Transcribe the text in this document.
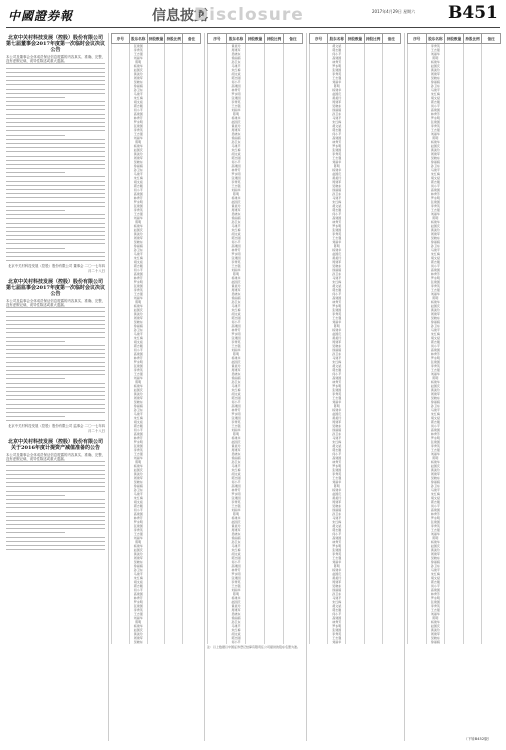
中國證券報	信息披露
Disclosure	2017年4月29日 星期六 B451
北京中关村科技发展（控股）股份有限公司 第七届董事会2017年度第一次临时会议决议公告

本公司及董事会全体成员保证信息披露的内容真实、准确、完整，没有虚假记载、误导性陈述或重大遗漏。

北京中关村科技发展（控股）股份有限公司 董事会 二〇一七年四月二十八日
北京中关村科技发展（控股）股份有限公司 第七届监事会2017年度第一次临时会议决议公告

本公司及监事会全体成员保证信息披露的内容真实、准确、完整，没有虚假记载、误导性陈述或重大遗漏。

北京中关村科技发展（控股）股份有限公司 监事会 二〇一七年四月二十八日
北京中关村科技发展（控股）股份有限公司 关于2016年度计提资产减值准备的公告

本公司及董事会全体成员保证信息披露的内容真实、准确、完整，没有虚假记载、误导性陈述或重大遗漏。

序号	股东名称	持股数量	持股比例	备注
	张建国			
	李秀英			
	王志强			
	刘丽华			
	陈明			
	杨建华			
	赵国庆			
	黄美玲			
	周建军			
	吴晓东			
	徐丽娟			
	孙卫东			
	马建平			
	朱红梅			
	胡文斌			
	郭志刚			
	何小平			
	高建国			
	林秀芳			
	罗永明			
	张建国			
	李秀英			
	王志强			
	刘丽华			
	陈明			
	杨建华			
	赵国庆			
	黄美玲			
	周建军			
	吴晓东			
	徐丽娟			
	孙卫东			
	马建平			
	朱红梅			
	胡文斌			
	郭志刚			
	何小平			
	高建国			
	林秀芳			
	罗永明			
	张建国			
	李秀英			
	王志强			
	刘丽华			
	陈明			
	杨建华			
	赵国庆			
	黄美玲			
	周建军			
	吴晓东			
	徐丽娟			
	孙卫东			
	马建平			
	朱红梅			
	胡文斌			
	郭志刚			
	何小平			
	高建国			
	林秀芳			
	罗永明			
	张建国			
	李秀英			
	王志强			
	刘丽华			
	陈明			
	杨建华			
	赵国庆			
	黄美玲			
	周建军			
	吴晓东			
	徐丽娟			
	孙卫东			
	马建平			
	朱红梅			
	胡文斌			
	郭志刚			
	何小平			
	高建国			
	林秀芳			
	罗永明			
	张建国			
	李秀英			
	王志强			
	刘丽华			
	陈明			
	杨建华			
	赵国庆			
	黄美玲			
	周建军			
	吴晓东			
	徐丽娟			
	孙卫东			
	马建平			
	朱红梅			
	胡文斌			
	郭志刚			
	何小平			
	高建国			
	林秀芳			
	罗永明			
	张建国			
	李秀英			
	王志强			
	刘丽华			
	陈明			
	杨建华			
	赵国庆			
	黄美玲			
	周建军			
	吴晓东			
	徐丽娟			
	孙卫东			
	马建平			
	朱红梅			
	胡文斌			
	郭志刚			
	何小平			
	高建国			
	林秀芳			
	罗永明			
	张建国			
	李秀英			
	王志强			
	刘丽华			
	陈明			
	杨建华			
	赵国庆			
	黄美玲			
	周建军			
	吴晓东			
	徐丽娟			
	孙卫东			
	马建平			
	朱红梅			
	胡文斌			
	郭志刚			
	何小平			
	高建国			
	林秀芳			
	罗永明			
	张建国			
	李秀英			
	王志强			
	刘丽华			
	陈明			
	杨建华			
	赵国庆			
	黄美玲			
	周建军			
	吴晓东			
序号	股东名称	持股数量	持股比例	备注
	黄美玲			
	周建军			
	吴晓东			
	徐丽娟			
	孙卫东			
	马建平			
	朱红梅			
	胡文斌			
	郭志刚			
	何小平			
	高建国			
	林秀芳			
	罗永明			
	张建国			
	李秀英			
	王志强			
	刘丽华			
	陈明			
	杨建华			
	赵国庆			
	黄美玲			
	周建军			
	吴晓东			
	徐丽娟			
	孙卫东			
	马建平			
	朱红梅			
	胡文斌			
	郭志刚			
	何小平			
	高建国			
	林秀芳			
	罗永明			
	张建国			
	李秀英			
	王志强			
	刘丽华			
	陈明			
	杨建华			
	赵国庆			
	黄美玲			
	周建军			
	吴晓东			
	徐丽娟			
	孙卫东			
	马建平			
	朱红梅			
	胡文斌			
	郭志刚			
	何小平			
	高建国			
	林秀芳			
	罗永明			
	张建国			
	李秀英			
	王志强			
	刘丽华			
	陈明			
	杨建华			
	赵国庆			
	黄美玲			
	周建军			
	吴晓东			
	徐丽娟			
	孙卫东			
	马建平			
	朱红梅			
	胡文斌			
	郭志刚			
	何小平			
	高建国			
	林秀芳			
	罗永明			
	张建国			
	李秀英			
	王志强			
	刘丽华			
	陈明			
	杨建华			
	赵国庆			
	黄美玲			
	周建军			
	吴晓东			
	徐丽娟			
	孙卫东			
	马建平			
	朱红梅			
	胡文斌			
	郭志刚			
	何小平			
	高建国			
	林秀芳			
	罗永明			
	张建国			
	李秀英			
	王志强			
	刘丽华			
	陈明			
	杨建华			
	赵国庆			
	黄美玲			
	周建军			
	吴晓东			
	徐丽娟			
	孙卫东			
	马建平			
	朱红梅			
	胡文斌			
	郭志刚			
	何小平			
	高建国			
	林秀芳			
	罗永明			
	张建国			
	李秀英			
	王志强			
	刘丽华			
	陈明			
	杨建华			
	赵国庆			
	黄美玲			
	周建军			
	吴晓东			
	徐丽娟			
	孙卫东			
	马建平			
	朱红梅			
	胡文斌			
	郭志刚			
	何小平			
	高建国			
	林秀芳			
	罗永明			
	张建国			
	李秀英			
	王志强			
	刘丽华			
	陈明			
	杨建华			
	赵国庆			
	黄美玲			
	周建军			
	吴晓东			
	徐丽娟			
	孙卫东			
	马建平			
	朱红梅			
	胡文斌			
	郭志刚			
	何小平			
注：以上数据以中国证券登记结算有限责任公司提供的股东名册为准。
序号	股东名称	持股数量	持股比例	备注
	胡文斌			
	郭志刚			
	何小平			
	高建国			
	林秀芳			
	罗永明			
	张建国			
	李秀英			
	王志强			
	刘丽华			
	陈明			
	杨建华			
	赵国庆			
	黄美玲			
	周建军			
	吴晓东			
	徐丽娟			
	孙卫东			
	马建平			
	朱红梅			
	胡文斌			
	郭志刚			
	何小平			
	高建国			
	林秀芳			
	罗永明			
	张建国			
	李秀英			
	王志强			
	刘丽华			
	陈明			
	杨建华			
	赵国庆			
	黄美玲			
	周建军			
	吴晓东			
	徐丽娟			
	孙卫东			
	马建平			
	朱红梅			
	胡文斌			
	郭志刚			
	何小平			
	高建国			
	林秀芳			
	罗永明			
	张建国			
	李秀英			
	王志强			
	刘丽华			
	陈明			
	杨建华			
	赵国庆			
	黄美玲			
	周建军			
	吴晓东			
	徐丽娟			
	孙卫东			
	马建平			
	朱红梅			
	胡文斌			
	郭志刚			
	何小平			
	高建国			
	林秀芳			
	罗永明			
	张建国			
	李秀英			
	王志强			
	刘丽华			
	陈明			
	杨建华			
	赵国庆			
	黄美玲			
	周建军			
	吴晓东			
	徐丽娟			
	孙卫东			
	马建平			
	朱红梅			
	胡文斌			
	郭志刚			
	何小平			
	高建国			
	林秀芳			
	罗永明			
	张建国			
	李秀英			
	王志强			
	刘丽华			
	陈明			
	杨建华			
	赵国庆			
	黄美玲			
	周建军			
	吴晓东			
	徐丽娟			
	孙卫东			
	马建平			
	朱红梅			
	胡文斌			
	郭志刚			
	何小平			
	高建国			
	林秀芳			
	罗永明			
	张建国			
	李秀英			
	王志强			
	刘丽华			
	陈明			
	杨建华			
	赵国庆			
	黄美玲			
	周建军			
	吴晓东			
	徐丽娟			
	孙卫东			
	马建平			
	朱红梅			
	胡文斌			
	郭志刚			
	何小平			
	高建国			
	林秀芳			
	罗永明			
	张建国			
	李秀英			
	王志强			
	刘丽华			
	陈明			
	杨建华			
	赵国庆			
	黄美玲			
	周建军			
	吴晓东			
	徐丽娟			
	孙卫东			
	马建平			
	朱红梅			
	胡文斌			
	郭志刚			
	何小平			
	高建国			
	林秀芳			
	罗永明			
	张建国			
	李秀英			
	王志强			
	刘丽华			
序号	股东名称	持股数量	持股比例	备注
	李秀英			
	王志强			
	刘丽华			
	陈明			
	杨建华			
	赵国庆			
	黄美玲			
	周建军			
	吴晓东			
	徐丽娟			
	孙卫东			
	马建平			
	朱红梅			
	胡文斌			
	郭志刚			
	何小平			
	高建国			
	林秀芳			
	罗永明			
	张建国			
	李秀英			
	王志强			
	刘丽华			
	陈明			
	杨建华			
	赵国庆			
	黄美玲			
	周建军			
	吴晓东			
	徐丽娟			
	孙卫东			
	马建平			
	朱红梅			
	胡文斌			
	郭志刚			
	何小平			
	高建国			
	林秀芳			
	罗永明			
	张建国			
	李秀英			
	王志强			
	刘丽华			
	陈明			
	杨建华			
	赵国庆			
	黄美玲			
	周建军			
	吴晓东			
	徐丽娟			
	孙卫东			
	马建平			
	朱红梅			
	胡文斌			
	郭志刚			
	何小平			
	高建国			
	林秀芳			
	罗永明			
	张建国			
	李秀英			
	王志强			
	刘丽华			
	陈明			
	杨建华			
	赵国庆			
	黄美玲			
	周建军			
	吴晓东			
	徐丽娟			
	孙卫东			
	马建平			
	朱红梅			
	胡文斌			
	郭志刚			
	何小平			
	高建国			
	林秀芳			
	罗永明			
	张建国			
	李秀英			
	王志强			
	刘丽华			
	陈明			
	杨建华			
	赵国庆			
	黄美玲			
	周建军			
	吴晓东			
	徐丽娟			
	孙卫东			
	马建平			
	朱红梅			
	胡文斌			
	郭志刚			
	何小平			
	高建国			
	林秀芳			
	罗永明			
	张建国			
	李秀英			
	王志强			
	刘丽华			
	陈明			
	杨建华			
	赵国庆			
	黄美玲			
	周建军			
	吴晓东			
	徐丽娟			
	孙卫东			
	马建平			
	朱红梅			
	胡文斌			
	郭志刚			
	何小平			
	高建国			
	林秀芳			
	罗永明			
	张建国			
	李秀英			
	王志强			
	刘丽华			
	陈明			
	杨建华			
	赵国庆			
	黄美玲			
	周建军			
	吴晓东			
	徐丽娟			
	孙卫东			
	马建平			
	朱红梅			
	胡文斌			
	郭志刚			
	何小平			
	高建国			
	林秀芳			
	罗永明			
	张建国			
	李秀英			
	王志强			
	刘丽华			
	陈明			
	杨建华			
	赵国庆			
	黄美玲			
	周建军			
	吴晓东			
	徐丽娟			
（下转B452版）
